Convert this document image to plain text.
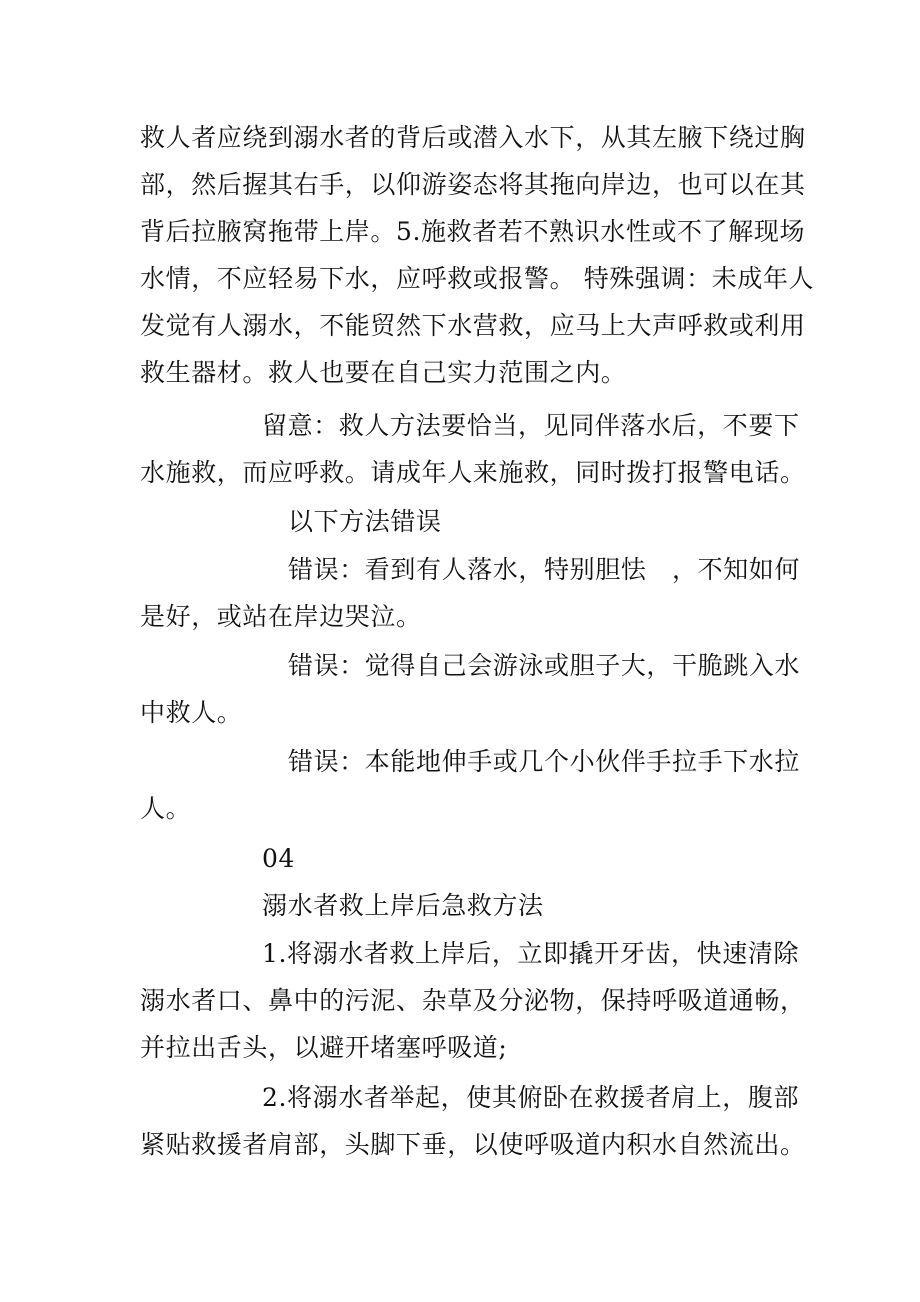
救人者应绕到溺水者的背后或潜入水下，从其左腋下绕过胸
部，然后握其右手，以仰游姿态将其拖向岸边，也可以在其
背后拉腋窝拖带上岸。5.施救者若不熟识水性或不了解现场
水情，不应轻易下水，应呼救或报警。 特殊强调：未成年人
发觉有人溺水，不能贸然下水营救，应马上大声呼救或利用
救生器材。救人也要在自己实力范围之内。
留意：救人方法要恰当，见同伴落水后，不要下
水施救，而应呼救。请成年人来施救，同时拨打报警电话。
以下方法错误
错误：看到有人落水，特别胆怯　，不知如何
是好，或站在岸边哭泣。
错误：觉得自己会游泳或胆子大，干脆跳入水
中救人。
错误：本能地伸手或几个小伙伴手拉手下水拉
人。
04
溺水者救上岸后急救方法
1.将溺水者救上岸后，立即撬开牙齿，快速清除
溺水者口、鼻中的污泥、杂草及分泌物，保持呼吸道通畅，
并拉出舌头，以避开堵塞呼吸道;
2.将溺水者举起，使其俯卧在救援者肩上，腹部
紧贴救援者肩部，头脚下垂，以使呼吸道内积水自然流出。
